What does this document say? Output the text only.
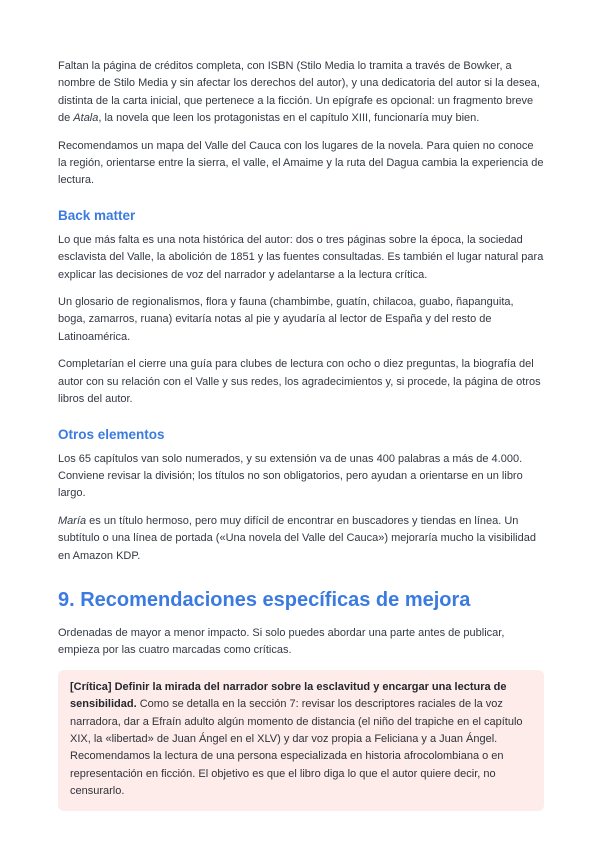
Faltan la página de créditos completa, con ISBN (Stilo Media lo tramita a través de Bowker, a nombre de Stilo Media y sin afectar los derechos del autor), y una dedicatoria del autor si la desea, distinta de la carta inicial, que pertenece a la ficción. Un epígrafe es opcional: un fragmento breve de Atala, la novela que leen los protagonistas en el capítulo XIII, funcionaría muy bien.

Recomendamos un mapa del Valle del Cauca con los lugares de la novela. Para quien no conoce la región, orientarse entre la sierra, el valle, el Amaime y la ruta del Dagua cambia la experiencia de lectura.

Back matter

Lo que más falta es una nota histórica del autor: dos o tres páginas sobre la época, la sociedad esclavista del Valle, la abolición de 1851 y las fuentes consultadas. Es también el lugar natural para explicar las decisiones de voz del narrador y adelantarse a la lectura crítica.

Un glosario de regionalismos, flora y fauna (chambimbe, guatín, chilacoa, guabo, ñapanguita, boga, zamarros, ruana) evitaría notas al pie y ayudaría al lector de España y del resto de Latinoamérica.

Completarían el cierre una guía para clubes de lectura con ocho o diez preguntas, la biografía del autor con su relación con el Valle y sus redes, los agradecimientos y, si procede, la página de otros libros del autor.

Otros elementos

Los 65 capítulos van solo numerados, y su extensión va de unas 400 palabras a más de 4.000. Conviene revisar la división; los títulos no son obligatorios, pero ayudan a orientarse en un libro largo.

María es un título hermoso, pero muy difícil de encontrar en buscadores y tiendas en línea. Un subtítulo o una línea de portada («Una novela del Valle del Cauca») mejoraría mucho la visibilidad en Amazon KDP.

9. Recomendaciones específicas de mejora

Ordenadas de mayor a menor impacto. Si solo puedes abordar una parte antes de publicar, empieza por las cuatro marcadas como críticas.

[Crítica] Definir la mirada del narrador sobre la esclavitud y encargar una lectura de sensibilidad. Como se detalla en la sección 7: revisar los descriptores raciales de la voz narradora, dar a Efraín adulto algún momento de distancia (el niño del trapiche en el capítulo XIX, la «libertad» de Juan Ángel en el XLV) y dar voz propia a Feliciana y a Juan Ángel. Recomendamos la lectura de una persona especializada en historia afrocolombiana o en representación en ficción. El objetivo es que el libro diga lo que el autor quiere decir, no censurarlo.
